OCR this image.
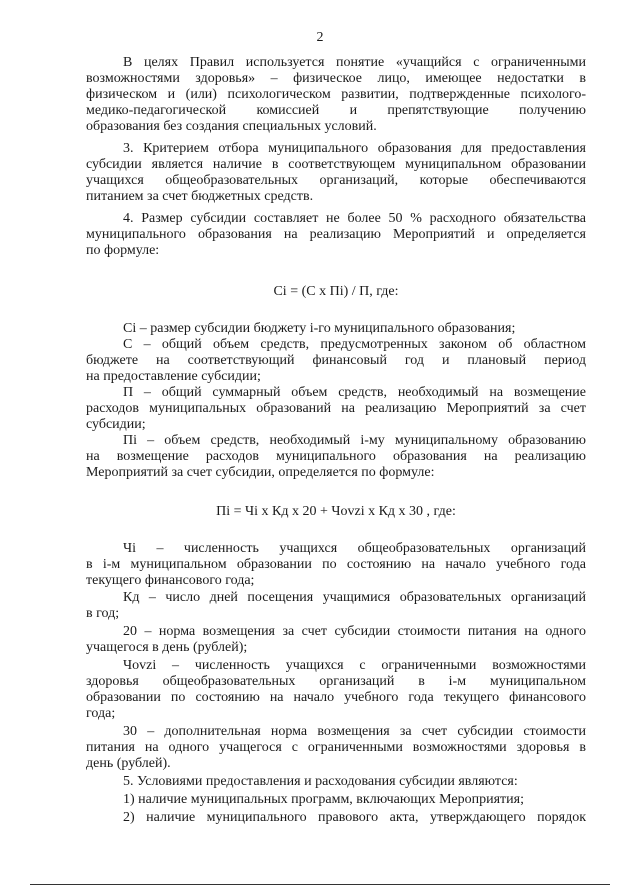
2
В целях Правил используется понятие «учащийся с ограниченными
возможностями здоровья» – физическое лицо, имеющее недостатки в
физическом и (или) психологическом развитии, подтвержденные психолого-
медико-педагогической комиссией и препятствующие получению
образования без создания специальных условий.
3. Критерием отбора муниципального образования для предоставления
субсидии является наличие в соответствующем муниципальном образовании
учащихся общеобразовательных организаций, которые обеспечиваются
питанием за счет бюджетных средств.
4. Размер субсидии составляет не более 50 % расходного обязательства
муниципального образования на реализацию Мероприятий и определяется
по формуле:
Сi = (С х Пi) / П, где:
Сi – размер субсидии бюджету i-го муниципального образования;
С – общий объем средств, предусмотренных законом об областном
бюджете на соответствующий финансовый год и плановый период
на предоставление субсидии;
П – общий суммарный объем средств, необходимый на возмещение
расходов муниципальных образований на реализацию Мероприятий за счет
субсидии;
Пi – объем средств, необходимый i-му муниципальному образованию
на возмещение расходов муниципального образования на реализацию
Мероприятий за счет субсидии, определяется по формуле:
Пi = Чi х Кд х 20 + Чovzi х Кд х 30 , где:
Чi – численность учащихся общеобразовательных организаций
в i-м муниципальном образовании по состоянию на начало учебного года
текущего финансового года;
Кд – число дней посещения учащимися образовательных организаций
в год;
20 – норма возмещения за счет субсидии стоимости питания на одного
учащегося в день (рублей);
Чovzi – численность учащихся с ограниченными возможностями
здоровья общеобразовательных организаций в i-м муниципальном
образовании по состоянию на начало учебного года текущего финансового
года;
30 – дополнительная норма возмещения за счет субсидии стоимости
питания на одного учащегося с ограниченными возможностями здоровья в
день (рублей).
5. Условиями предоставления и расходования субсидии являются:
1) наличие муниципальных программ, включающих Мероприятия;
2) наличие муниципального правового акта, утверждающего порядок
